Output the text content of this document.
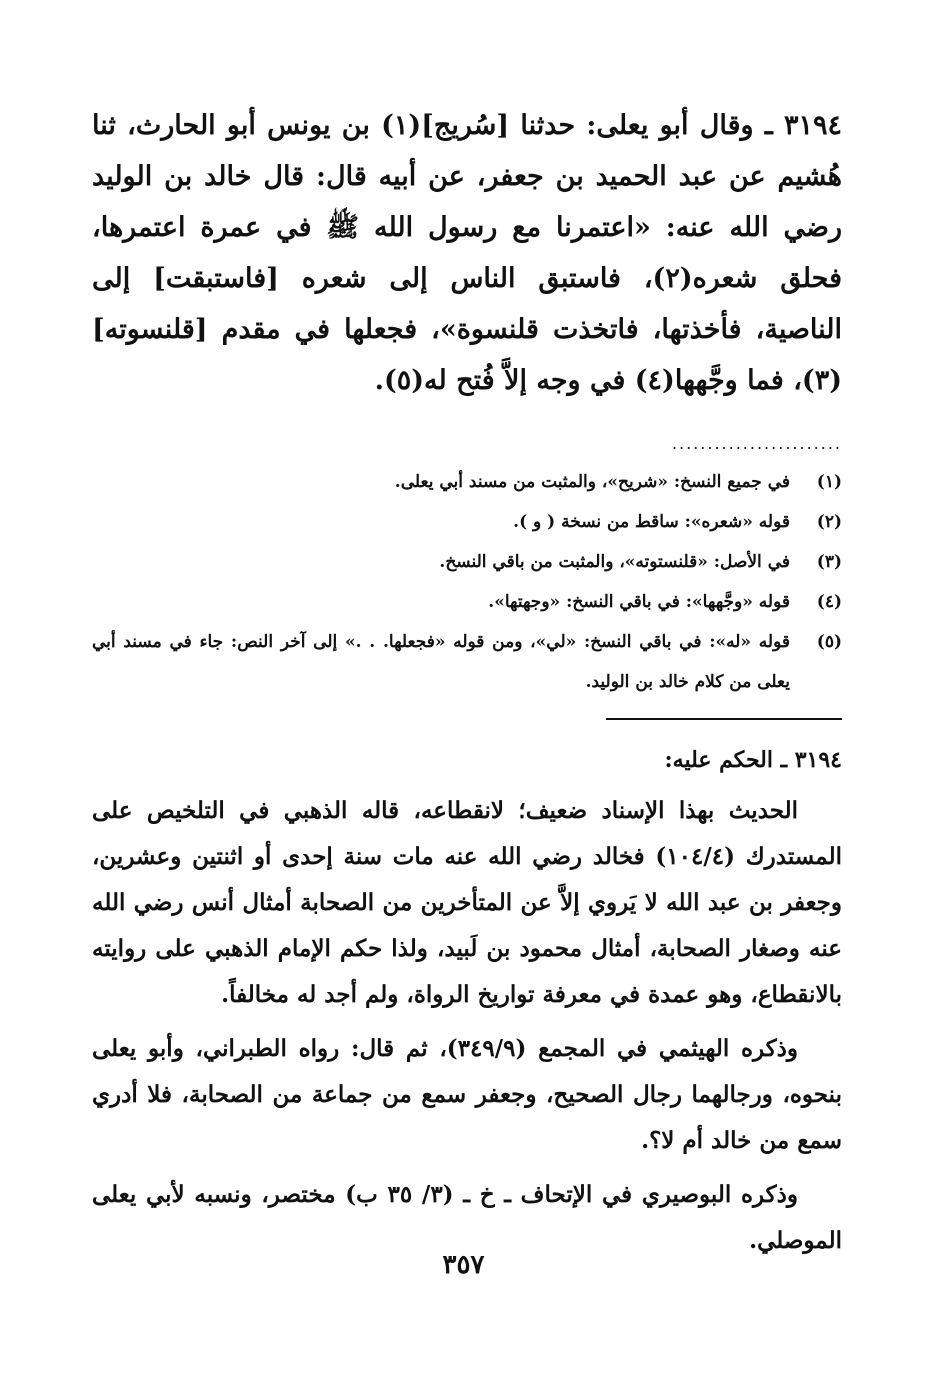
٣١٩٤ ـ وقال أبو يعلى: حدثنا [سُريج](١) بن يونس أبو الحارث، ثنا هُشيم عن عبد الحميد بن جعفر، عن أبيه قال: قال خالد بن الوليد رضي الله عنه: «اعتمرنا مع رسول الله ﷺ في عمرة اعتمرها، فحلق شعره(٢)، فاستبق الناس إلى شعره [فاستبقت] إلى الناصية، فأخذتها، فاتخذت قلنسوة»، فجعلها في مقدم [قلنسوته](٣)، فما وجَّهها(٤) في وجه إلاَّ فُتح له(٥).

........................
(١)
في جميع النسخ: «شريح»، والمثبت من مسند أبي يعلى.
(٢)
قوله «شعره»: ساقط من نسخة ( و ).
(٣)
في الأصل: «قلنستوته»، والمثبت من باقي النسخ.
(٤)
قوله «وجَّهها»: في باقي النسخ: «وجهتها».
(٥)
قوله «له»: في باقي النسخ: «لي»، ومن قوله «فجعلها. . .» إلى آخر النص: جاء في مسند أبي يعلى من كلام خالد بن الوليد.
٣١٩٤ ـ الحكم عليه:

الحديث بهذا الإسناد ضعيف؛ لانقطاعه، قاله الذهبي في التلخيص على المستدرك (١٠٤/٤) فخالد رضي الله عنه مات سنة إحدى أو اثنتين وعشرين، وجعفر بن عبد الله لا يَروي إلاَّ عن المتأخرين من الصحابة أمثال أنس رضي الله عنه وصغار الصحابة، أمثال محمود بن لَبيد، ولذا حكم الإمام الذهبي على روايته بالانقطاع، وهو عمدة في معرفة تواريخ الرواة، ولم أجد له مخالفاً.

وذكره الهيثمي في المجمع (٣٤٩/٩)، ثم قال: رواه الطبراني، وأبو يعلى بنحوه، ورجالهما رجال الصحيح، وجعفر سمع من جماعة من الصحابة، فلا أدري سمع من خالد أم لا؟.

وذكره البوصيري في الإتحاف ـ خ ـ (٣/ ٣٥ ب) مختصر، ونسبه لأبي يعلى الموصلي.

٣٥٧
